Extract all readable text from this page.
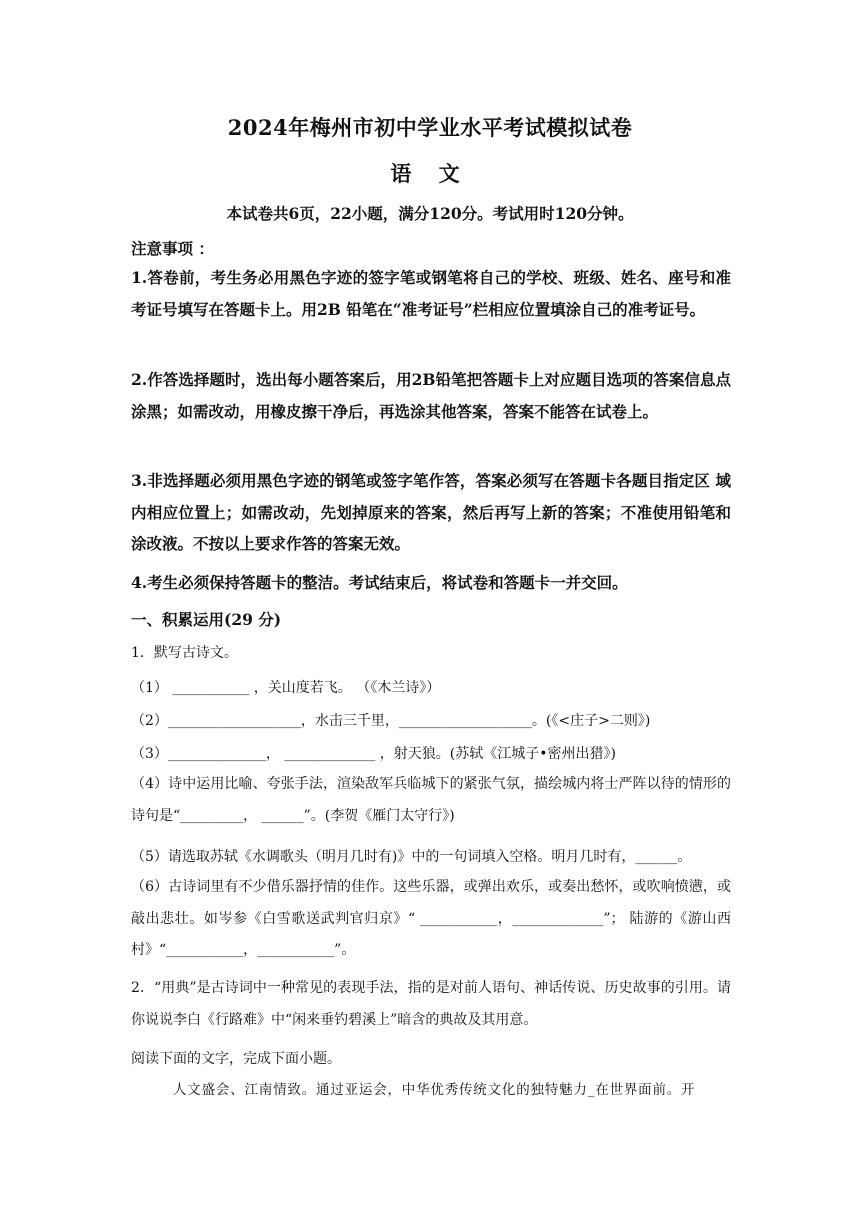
2024年梅州市初中学业水平考试模拟试卷
语 文
本试卷共6页，22小题，满分120分。考试用时120分钟。
注意事项 ：
1.答卷前，考生务必用黑色字迹的签字笔或钢笔将自己的学校、班级、姓名、座号和准考证号填写在答题卡上。用2B 铅笔在“准考证号”栏相应位置填涂自己的准考证号。
2.作答选择题时，选出每小题答案后，用2B铅笔把答题卡上对应题目选项的答案信息点涂黑；如需改动，用橡皮擦干净后，再选涂其他答案，答案不能答在试卷上。
3.非选择题必须用黑色字迹的钢笔或签字笔作答，答案必须写在答题卡各题目指定区 域内相应位置上；如需改动，先划掉原来的答案，然后再写上新的答案；不准使用铅笔和涂改液。不按以上要求作答的答案无效。
4.考生必须保持答题卡的整洁。考试结束后，将试卷和答题卡一并交回。
一、积累运用(29 分)
1．默写古诗文。
（1） ___________ ，关山度若飞。 （《木兰诗》）
（2）___________________，水击三千里，___________________。(《<庄子>二则》)
（3）______________， _____________ ，射天狼。(苏轼《江城子•密州出猎》)
（4）诗中运用比喻、夸张手法，渲染敌军兵临城下的紧张气氛，描绘城内将士严阵以待的情形的诗句是“_________， ______”。(李贺《雁门太守行》)
（5）请选取苏轼《水调歌头（明月几时有)》中的一句词填入空格。明月几时有，______。
（6）古诗词里有不少借乐器抒情的佳作。这些乐器，或弹出欢乐，或奏出愁怀，或吹响愤懑，或敲出悲壮。如岑参《白雪歌送武判官归京》“ ___________，_____________”； 陆游的《游山西村》“___________，___________”。
2．“用典”是古诗词中一种常见的表现手法，指的是对前人语句、神话传说、历史故事的引用。请你说说李白《行路难》中“闲来垂钓碧溪上”暗含的典故及其用意。
阅读下面的文字，完成下面小题。
人文盛会、江南情致。通过亚运会，中华优秀传统文化的独特魅力_在世界面前。开
